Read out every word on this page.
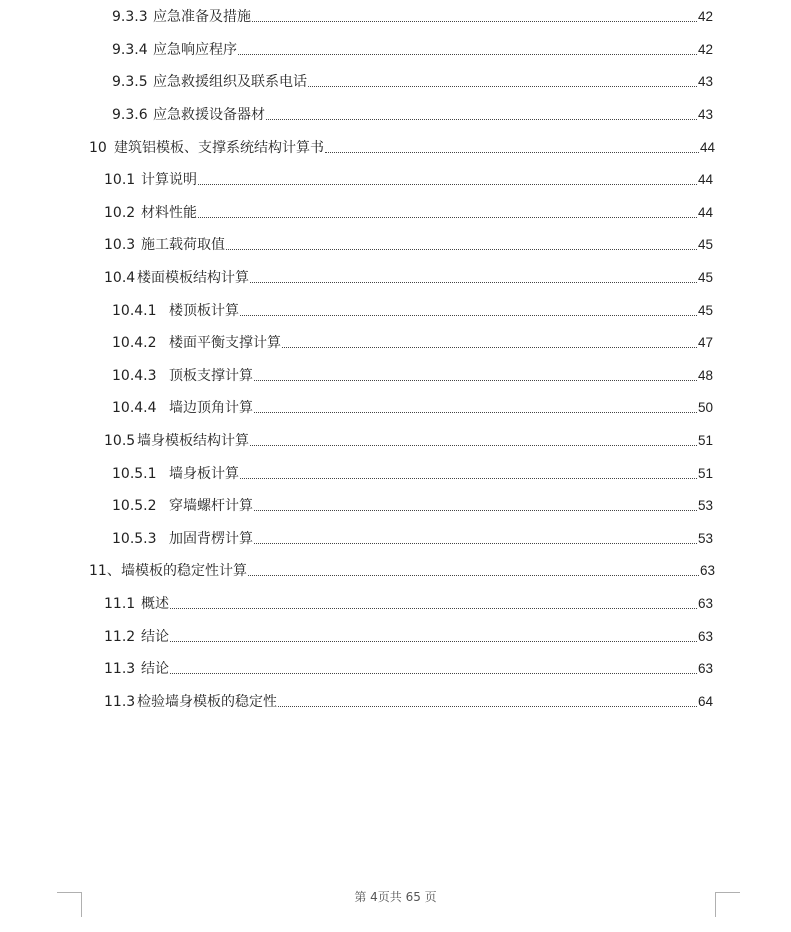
9.3.3 应急准备及措施	42
9.3.4 应急响应程序	42
9.3.5 应急救援组织及联系电话	43
9.3.6 应急救援设备器材	43
10 建筑铝模板、支撑系统结构计算书	44
10.1 计算说明	44
10.2 材料性能	44
10.3 施工载荷取值	45
10.4 楼面模板结构计算	45
10.4.1 楼顶板计算	45
10.4.2 楼面平衡支撑计算	47
10.4.3 顶板支撑计算	48
10.4.4 墙边顶角计算	50
10.5 墙身模板结构计算	51
10.5.1 墙身板计算	51
10.5.2 穿墙螺杆计算	53
10.5.3 加固背楞计算	53
11、墙模板的稳定性计算	63
11.1 概述	63
11.2 结论	63
11.3 结论	63
11.3 检验墙身模板的稳定性	64
第 4页共 65 页
